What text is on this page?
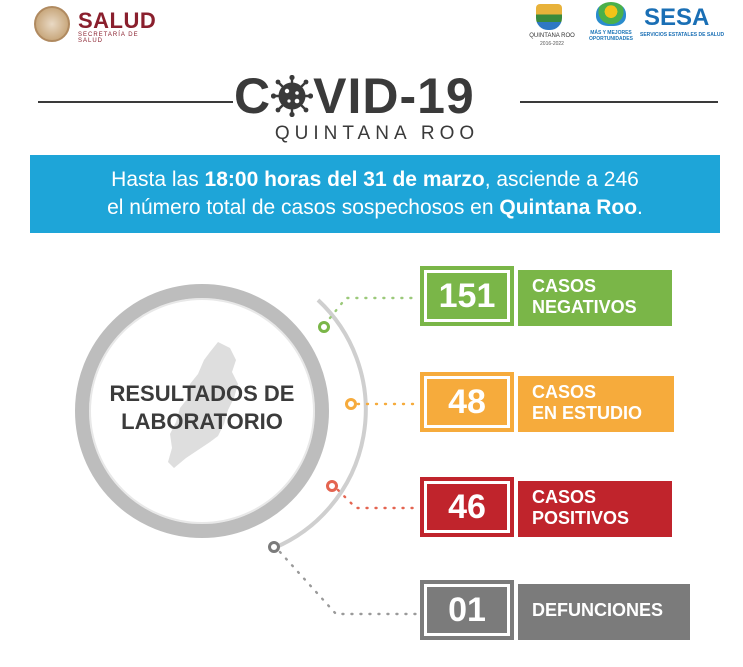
SALUD
SECRETARÍA DE SALUD
QUINTANA ROO
2016-2022
MÁS Y MEJORES OPORTUNIDADES
SESA
SERVICIOS ESTATALES DE SALUD
C VID-19
QUINTANA ROO
Hasta las 18:00 horas del 31 de marzo, asciende a 246
el número total de casos sospechosos en Quintana Roo.
RESULTADOS DE
LABORATORIO
151	CASOS
NEGATIVOS
48	CASOS
EN ESTUDIO
46	CASOS
POSITIVOS
01	DEFUNCIONES
